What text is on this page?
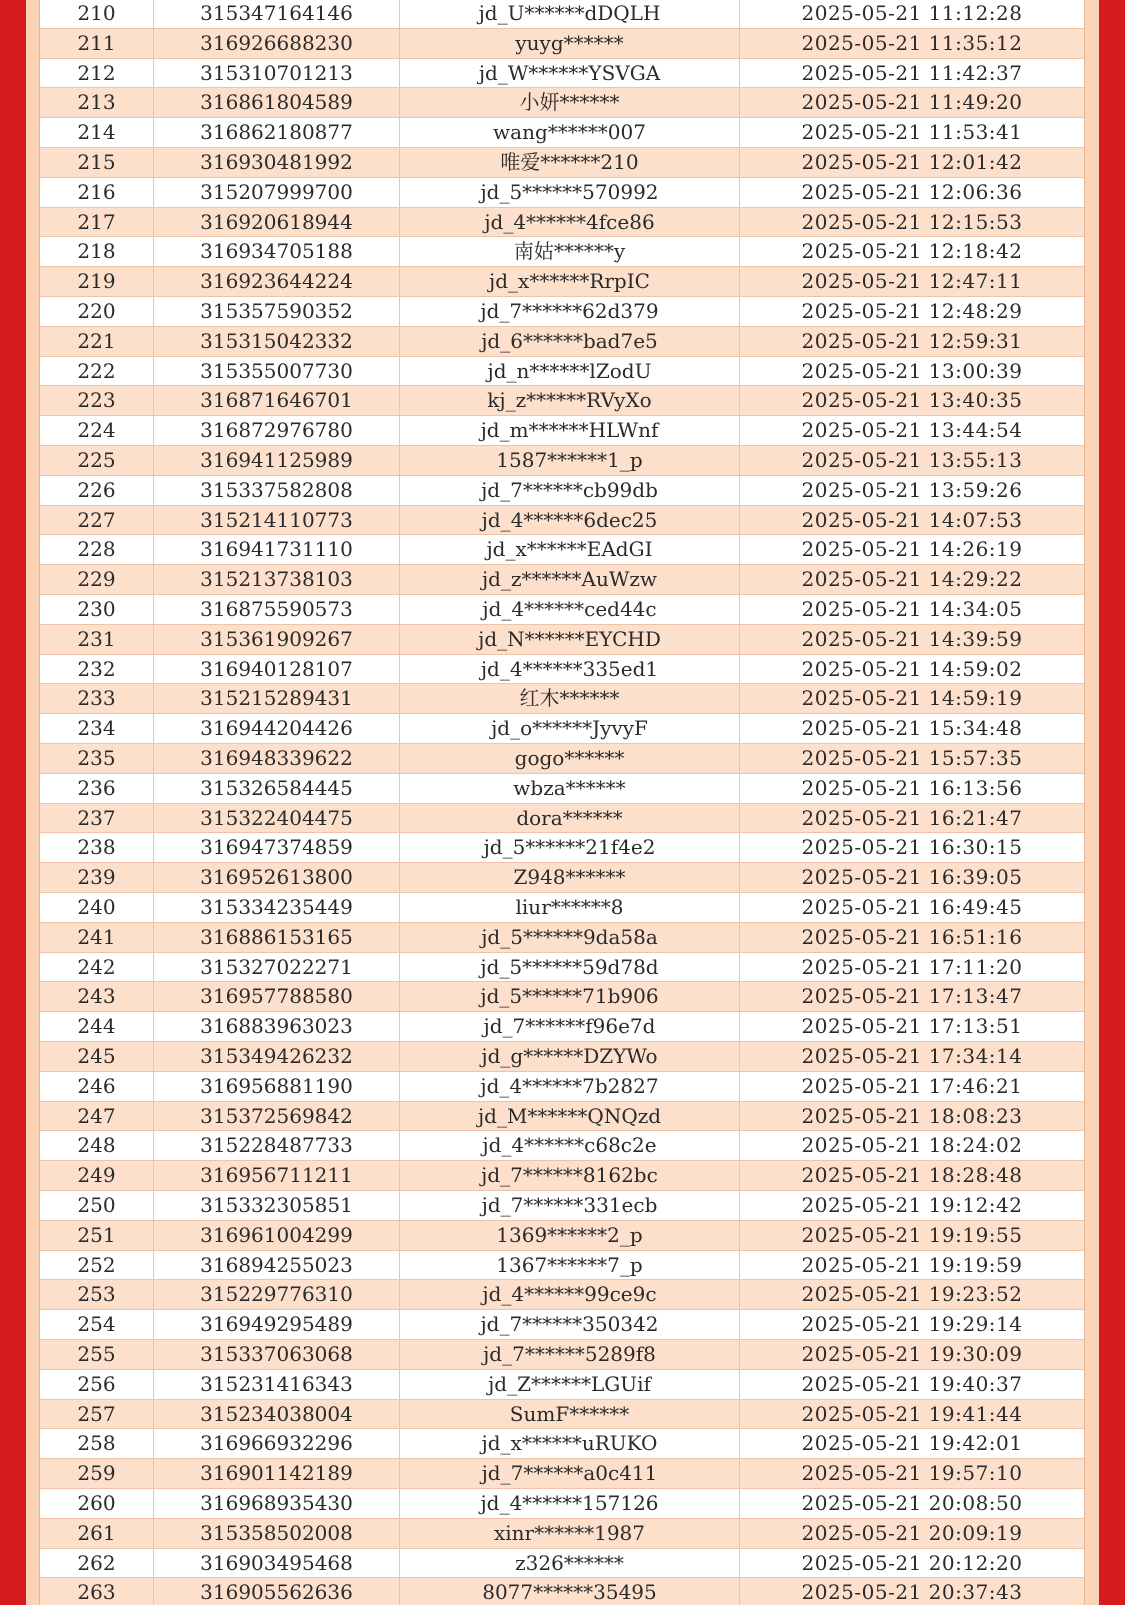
210	315347164146	jd_U******dDQLH	2025-05-21 11:12:28
211	316926688230	yuyg******	2025-05-21 11:35:12
212	315310701213	jd_W******YSVGA	2025-05-21 11:42:37
213	316861804589	小妍******	2025-05-21 11:49:20
214	316862180877	wang******007	2025-05-21 11:53:41
215	316930481992	唯爱******210	2025-05-21 12:01:42
216	315207999700	jd_5******570992	2025-05-21 12:06:36
217	316920618944	jd_4******4fce86	2025-05-21 12:15:53
218	316934705188	南姑******y	2025-05-21 12:18:42
219	316923644224	jd_x******RrpIC	2025-05-21 12:47:11
220	315357590352	jd_7******62d379	2025-05-21 12:48:29
221	315315042332	jd_6******bad7e5	2025-05-21 12:59:31
222	315355007730	jd_n******lZodU	2025-05-21 13:00:39
223	316871646701	kj_z******RVyXo	2025-05-21 13:40:35
224	316872976780	jd_m******HLWnf	2025-05-21 13:44:54
225	316941125989	1587******1_p	2025-05-21 13:55:13
226	315337582808	jd_7******cb99db	2025-05-21 13:59:26
227	315214110773	jd_4******6dec25	2025-05-21 14:07:53
228	316941731110	jd_x******EAdGI	2025-05-21 14:26:19
229	315213738103	jd_z******AuWzw	2025-05-21 14:29:22
230	316875590573	jd_4******ced44c	2025-05-21 14:34:05
231	315361909267	jd_N******EYCHD	2025-05-21 14:39:59
232	316940128107	jd_4******335ed1	2025-05-21 14:59:02
233	315215289431	红木******	2025-05-21 14:59:19
234	316944204426	jd_o******JyvyF	2025-05-21 15:34:48
235	316948339622	gogo******	2025-05-21 15:57:35
236	315326584445	wbza******	2025-05-21 16:13:56
237	315322404475	dora******	2025-05-21 16:21:47
238	316947374859	jd_5******21f4e2	2025-05-21 16:30:15
239	316952613800	Z948******	2025-05-21 16:39:05
240	315334235449	liur******8	2025-05-21 16:49:45
241	316886153165	jd_5******9da58a	2025-05-21 16:51:16
242	315327022271	jd_5******59d78d	2025-05-21 17:11:20
243	316957788580	jd_5******71b906	2025-05-21 17:13:47
244	316883963023	jd_7******f96e7d	2025-05-21 17:13:51
245	315349426232	jd_g******DZYWo	2025-05-21 17:34:14
246	316956881190	jd_4******7b2827	2025-05-21 17:46:21
247	315372569842	jd_M******QNQzd	2025-05-21 18:08:23
248	315228487733	jd_4******c68c2e	2025-05-21 18:24:02
249	316956711211	jd_7******8162bc	2025-05-21 18:28:48
250	315332305851	jd_7******331ecb	2025-05-21 19:12:42
251	316961004299	1369******2_p	2025-05-21 19:19:55
252	316894255023	1367******7_p	2025-05-21 19:19:59
253	315229776310	jd_4******99ce9c	2025-05-21 19:23:52
254	316949295489	jd_7******350342	2025-05-21 19:29:14
255	315337063068	jd_7******5289f8	2025-05-21 19:30:09
256	315231416343	jd_Z******LGUif	2025-05-21 19:40:37
257	315234038004	SumF******	2025-05-21 19:41:44
258	316966932296	jd_x******uRUKO	2025-05-21 19:42:01
259	316901142189	jd_7******a0c411	2025-05-21 19:57:10
260	316968935430	jd_4******157126	2025-05-21 20:08:50
261	315358502008	xinr******1987	2025-05-21 20:09:19
262	316903495468	z326******	2025-05-21 20:12:20
263	316905562636	8077******35495	2025-05-21 20:37:43
